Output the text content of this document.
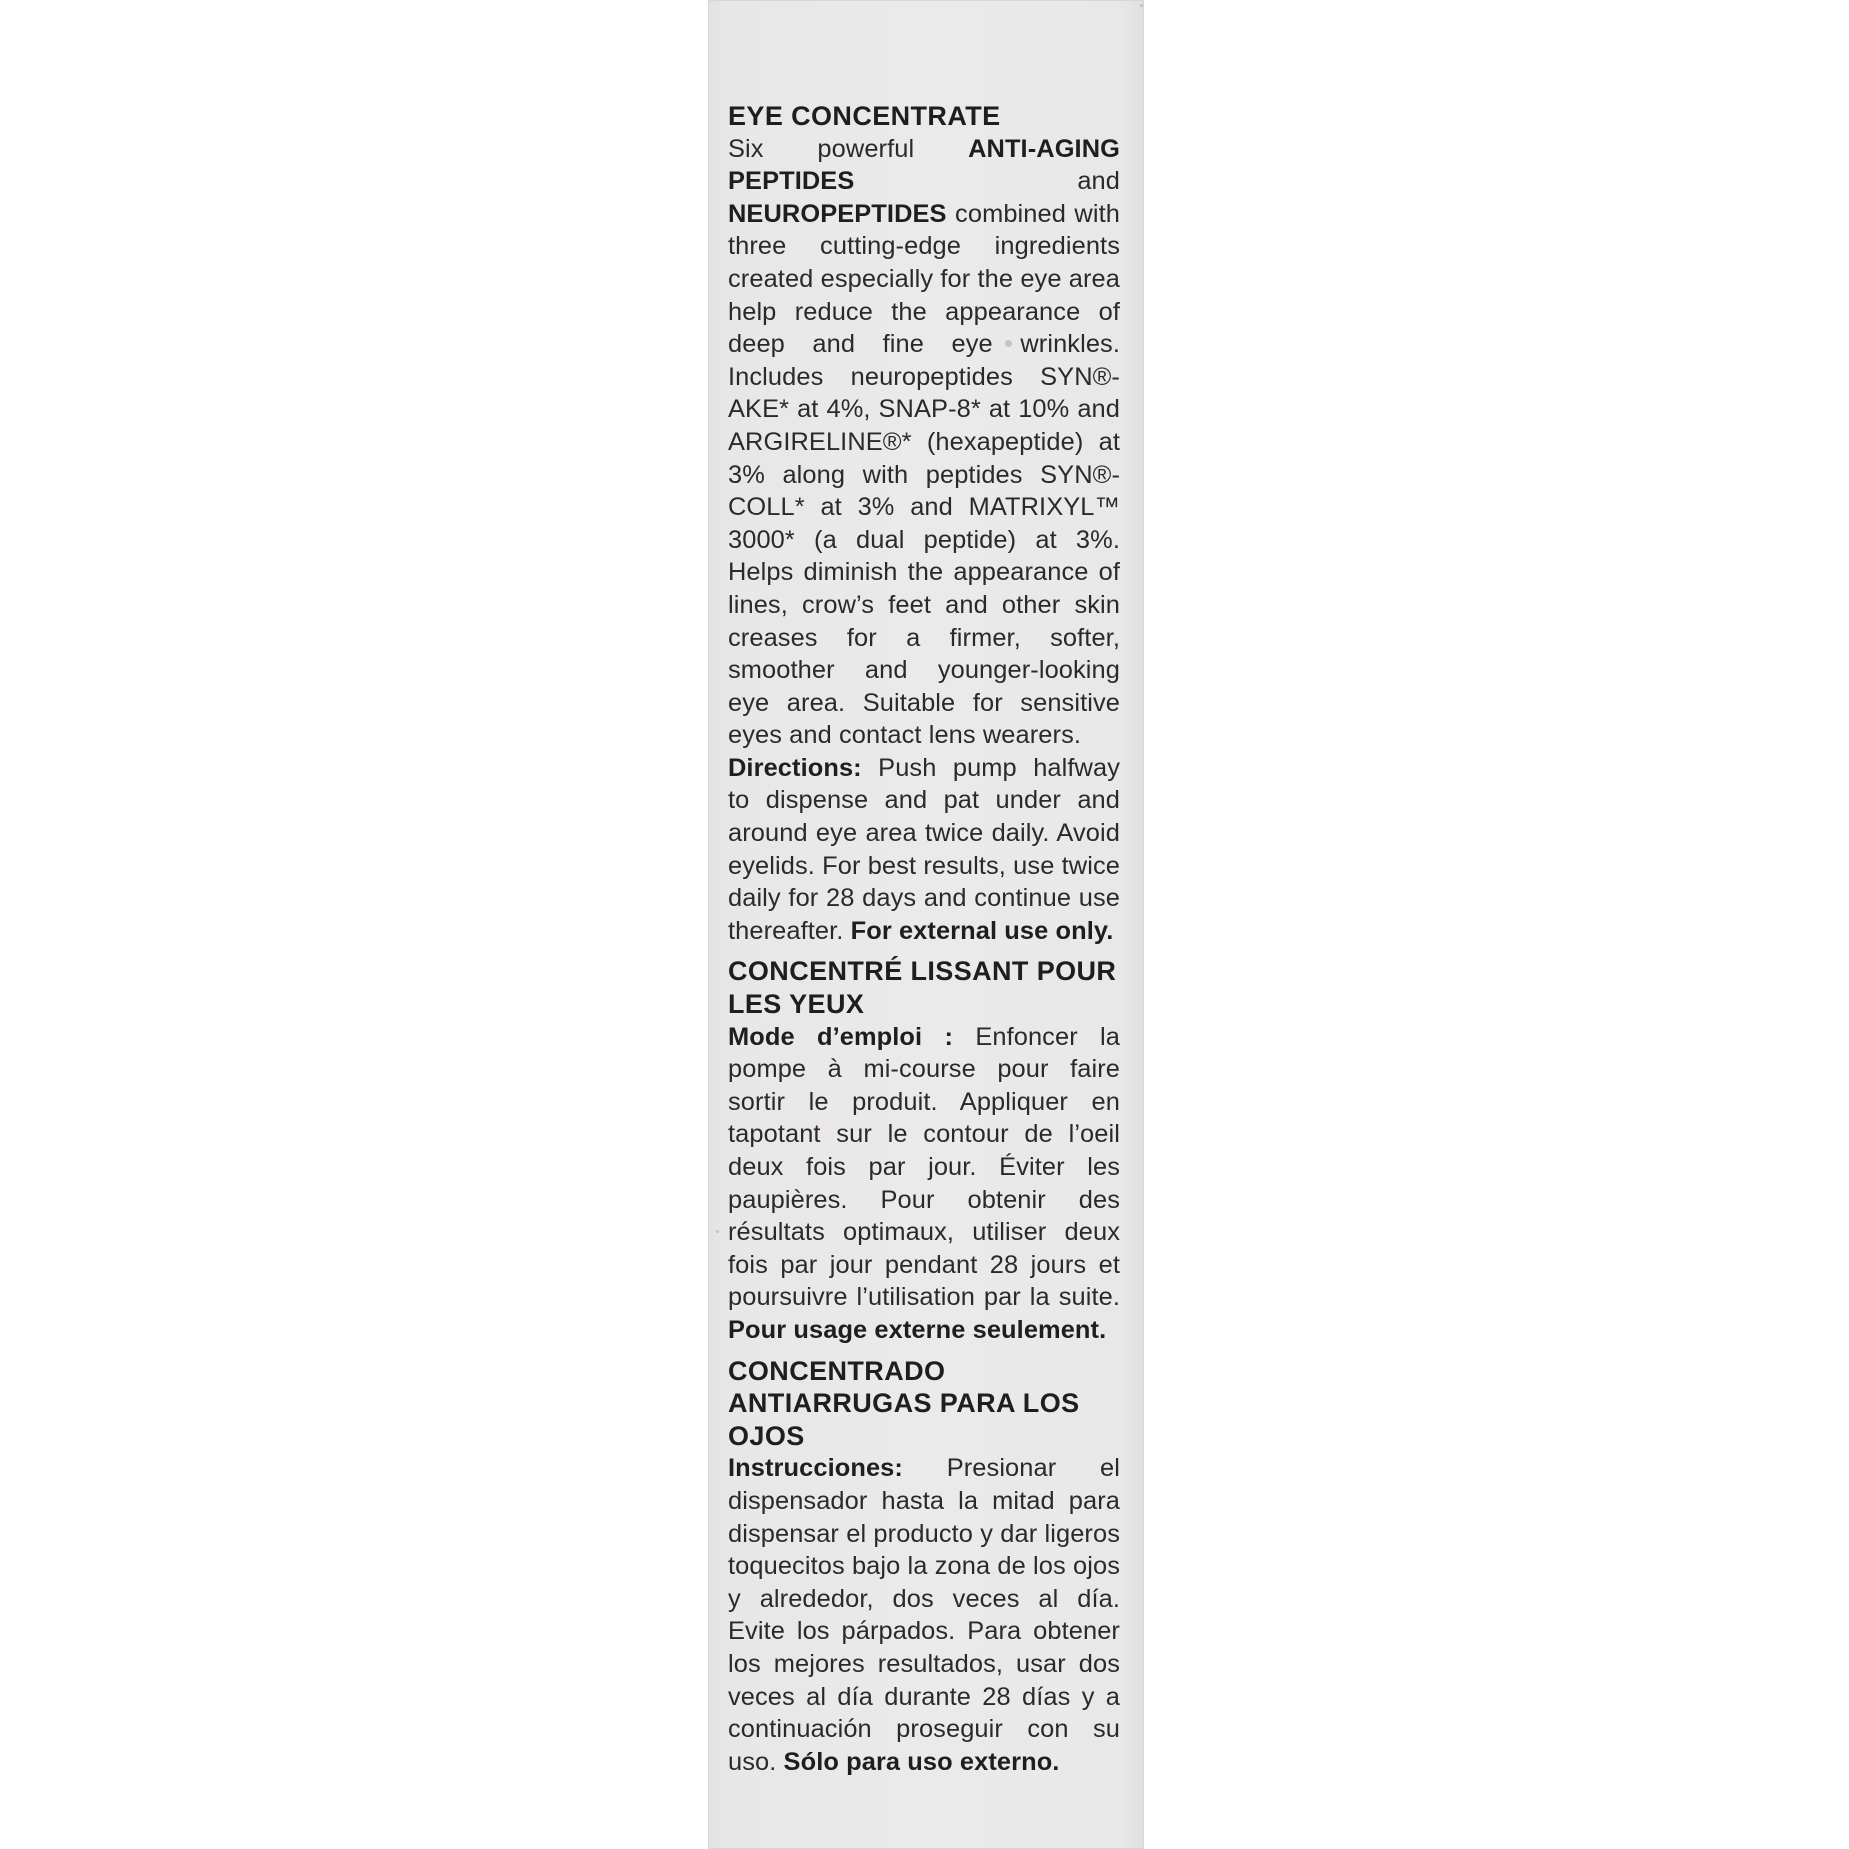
EYE CONCENTRATE
Six powerful ANTI-AGING PEPTIDES and NEUROPEPTIDES combined with three cutting-edge ingredients created especially for the eye area help reduce the appearance of deep and fine eye wrinkles. Includes neuropeptides SYN®-AKE* at 4%, SNAP-8* at 10% and ARGIRELINE®* (hexapeptide) at 3% along with peptides SYN®-COLL* at 3% and MATRIXYL™ 3000* (a dual peptide) at 3%. Helps diminish the appearance of lines, crow’s feet and other skin creases for a firmer, softer, smoother and younger-looking eye area. Suitable for sensitive eyes and contact lens wearers.
Directions: Push pump halfway to dispense and pat under and around eye area twice daily. Avoid eyelids. For best results, use twice daily for 28 days and continue use thereafter. For external use only.
CONCENTRÉ LISSANT POUR LES YEUX
Mode d’emploi : Enfoncer la pompe à mi-course pour faire sortir le produit. Appliquer en tapotant sur le contour de l’oeil deux fois par jour. Éviter les paupières. Pour obtenir des résultats optimaux, utiliser deux fois par jour pendant 28 jours et poursuivre l’utilisation par la suite. Pour usage externe seulement.
CONCENTRADO ANTIARRUGAS PARA LOS OJOS
Instrucciones: Presionar el dispensador hasta la mitad para dispensar el producto y dar ligeros toquecitos bajo la zona de los ojos y alrededor, dos veces al día. Evite los párpados. Para obtener los mejores resultados, usar dos veces al día durante 28 días y a continuación proseguir con su uso. Sólo para uso externo.
